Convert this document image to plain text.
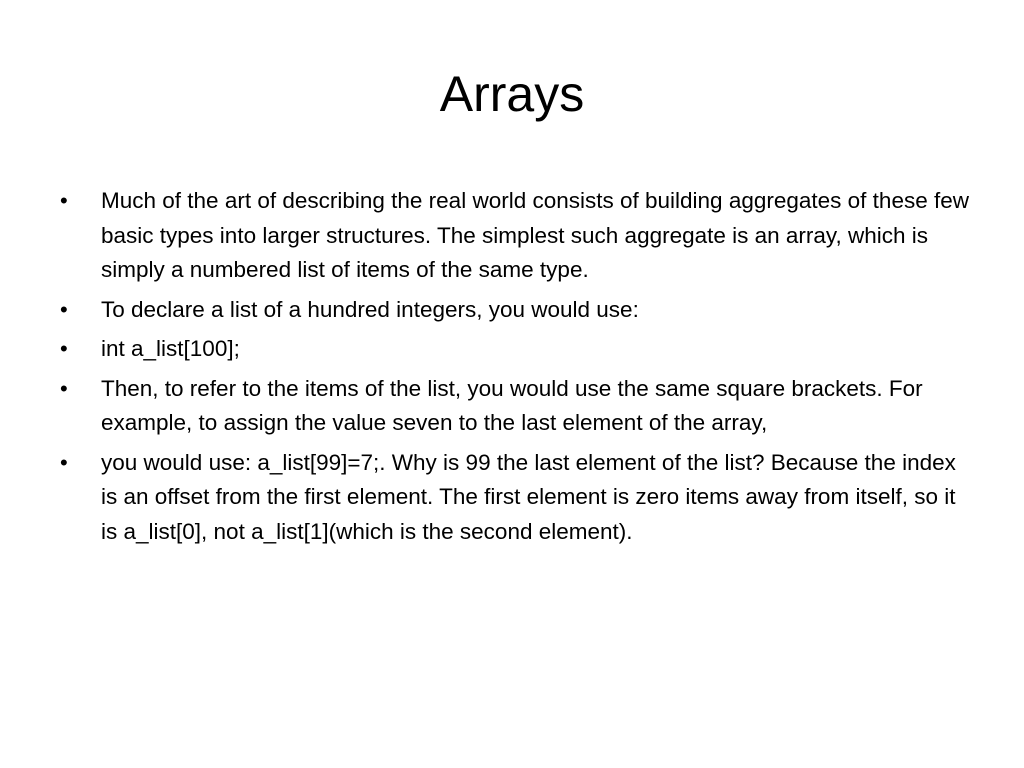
Arrays
•	Much of the art of describing the real world consists of building aggregates of these few basic types into larger structures. The simplest such aggregate is an array, which is simply a numbered list of items of the same type.
•	To declare a list of a hundred integers, you would use:
•	int a_list[100];
•	Then, to refer to the items of the list, you would use the same square brackets. For example, to assign the value seven to the last element of the array,
•	you would use: a_list[99]=7;. Why is 99 the last element of the list? Because the index is an offset from the first element. The first element is zero items away from itself, so it is a_list[0], not a_list[1](which is the second element).
